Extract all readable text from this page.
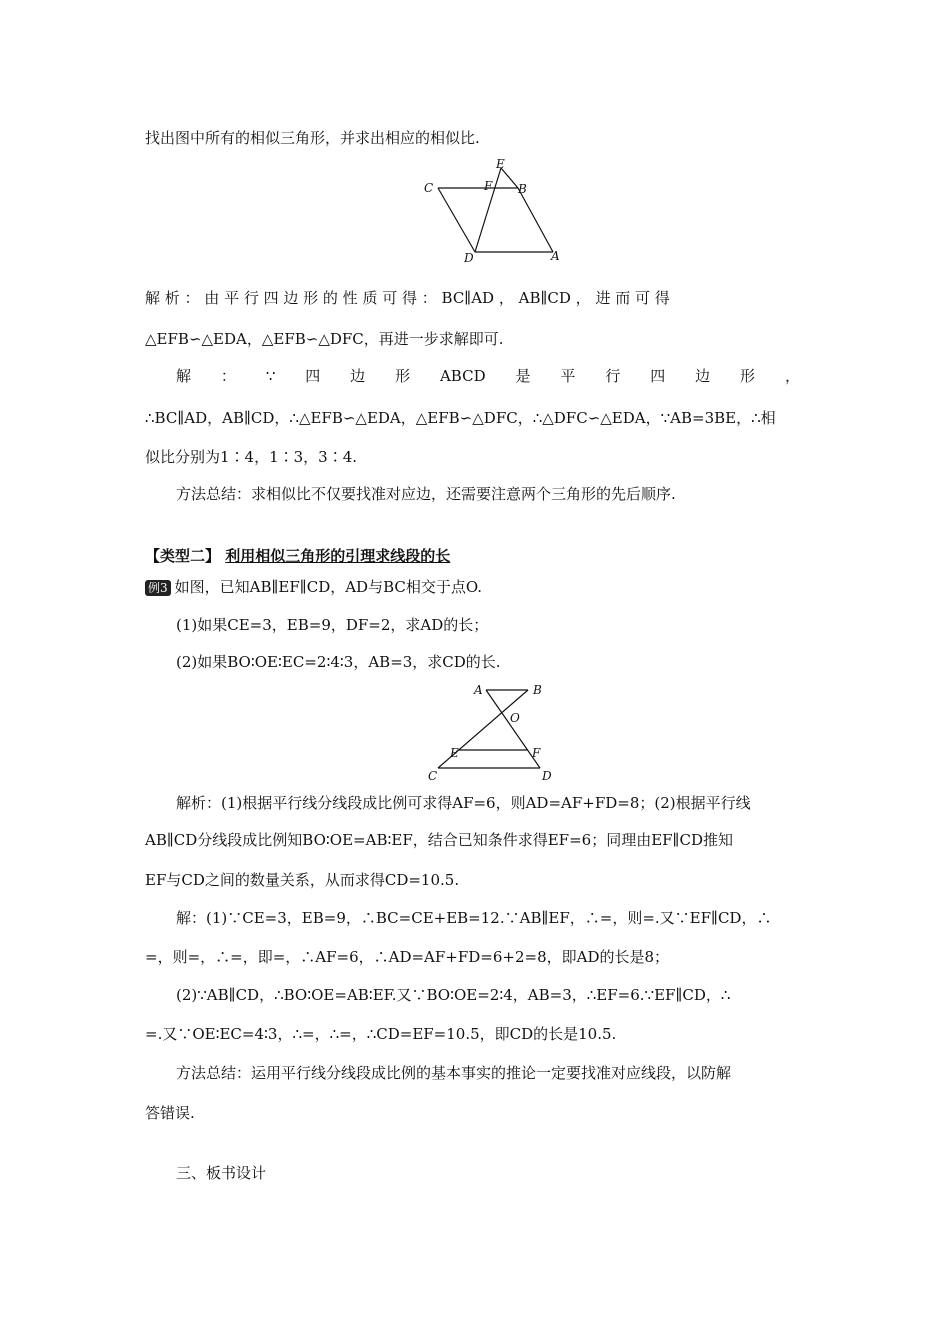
找出图中所有的相似三角形，并求出相应的相似比.
E
C	F B
D	A
解 析 ： 由 平 行 四 边 形 的 性 质 可 得 ： BC∥AD ， AB∥CD ， 进 而 可 得
△EFB∽△EDA，△EFB∽△DFC，再进一步求解即可.
解 ： ∵ 四 边 形 ABCD 是 平 行 四 边 形 ，
∴BC∥AD，AB∥CD，∴△EFB∽△EDA，△EFB∽△DFC，∴△DFC∽△EDA，∵AB=3BE，∴相
似比分别为1∶4，1∶3，3∶4.
方法总结：求相似比不仅要找准对应边，还需要注意两个三角形的先后顺序.
【类型二】 利用相似三角形的引理求线段的长
例3 如图，已知AB∥EF∥CD，AD与BC相交于点O.
(1)如果CE=3，EB=9，DF=2，求AD的长；
(2)如果BO∶OE∶EC=2∶4∶3，AB=3，求CD的长.
A	B
O
E	F
C	D
解析：(1)根据平行线分线段成比例可求得AF=6，则AD=AF+FD=8；(2)根据平行线
AB∥CD分线段成比例知BO∶OE=AB∶EF，结合已知条件求得EF=6；同理由EF∥CD推知
EF与CD之间的数量关系，从而求得CD=10.5.
解：(1)∵CE=3，EB=9，∴BC=CE+EB=12.∵AB∥EF，∴=，则=.又∵EF∥CD，∴
=，则=，∴=，即=，∴AF=6，∴AD=AF+FD=6+2=8，即AD的长是8；
(2)∵AB∥CD，∴BO∶OE=AB∶EF.又∵BO∶OE=2∶4，AB=3，∴EF=6.∵EF∥CD，∴
=.又∵OE∶EC=4∶3，∴=，∴=，∴CD=EF=10.5，即CD的长是10.5.
方法总结：运用平行线分线段成比例的基本事实的推论一定要找准对应线段，以防解
答错误.
三、板书设计
